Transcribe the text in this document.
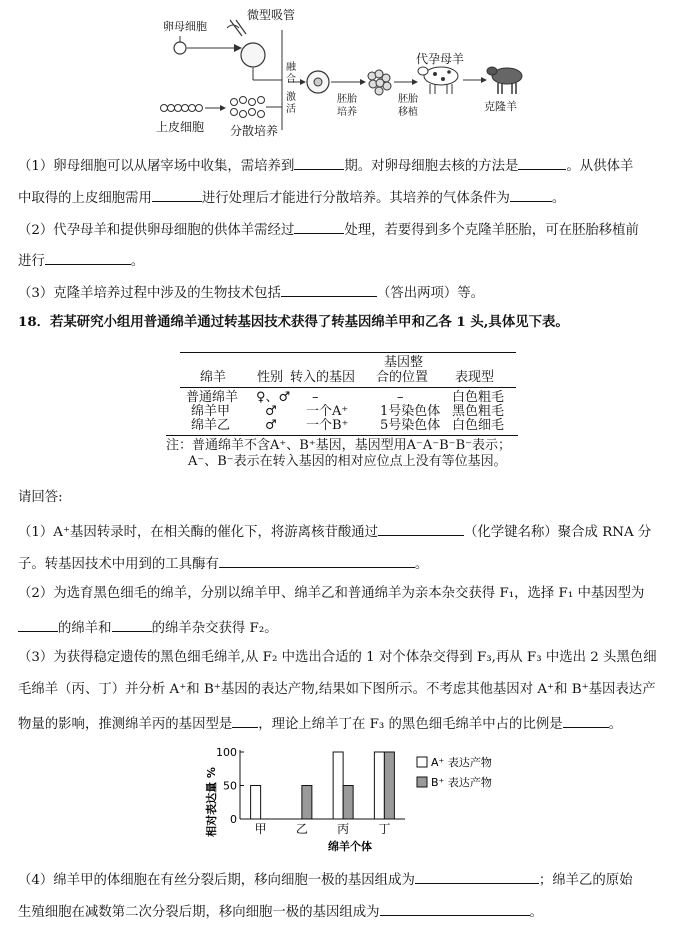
卵母细胞
微型吸管
融
合
激
活
胚胎
培养
胚胎
移植
代孕母羊
克隆羊
上皮细胞 分散培养
（1）卵母细胞可以从屠宰场中收集，需培养到	期。对卵母细胞去核的方法是	。从供体羊
中取得的上皮细胞需用	进行处理后才能进行分散培养。其培养的气体条件为	。
（2）代孕母羊和提供卵母细胞的供体羊需经过	处理，若要得到多个克隆羊胚胎，可在胚胎移植前
进行	。
（3）克隆羊培养过程中涉及的生物技术包括	（答出两项）等。
18．若某研究小组用普通绵羊通过转基因技术获得了转基因绵羊甲和乙各 1 头,具体见下表。
绵羊 性别 转入的基因
基因整
合的位置 表现型
普通绵羊 ♀、♂ –	–	白色粗毛
绵羊甲	♂ 一个A⁺ 1号染色体 黑色粗毛
绵羊乙	♂ 一个B⁺ 5号染色体 白色细毛
注：普通绵羊不含A⁺、B⁺基因，基因型用A⁻A⁻B⁻B⁻表示；
A⁻、B⁻表示在转入基因的相对应位点上没有等位基因。
请回答:
（1）A⁺基因转录时，在相关酶的催化下，将游离核苷酸通过	（化学键名称）聚合成 RNA 分
子。转基因技术中用到的工具酶有	。
（2）为选育黑色细毛的绵羊，分别以绵羊甲、绵羊乙和普通绵羊为亲本杂交获得 F₁，选择 F₁ 中基因型为
的绵羊和	的绵羊杂交获得 F₂。
（3）为获得稳定遗传的黑色细毛绵羊,从 F₂ 中选出合适的 1 对个体杂交得到 F₃,再从 F₃ 中选出 2 头黑色细
毛绵羊（丙、丁）并分析 A⁺和 B⁺基因的表达产物,结果如下图所示。不考虑其他基因对 A⁺和 B⁺基因表达产
物量的影响，推测绵羊丙的基因型是 ，理论上绵羊丁在 F₃ 的黑色细毛绵羊中占的比例是	。
相对表达量 % 0
50
100
甲 乙 丙 丁
A⁺ 表达产物
B⁺ 表达产物
绵羊个体
（4）绵羊甲的体细胞在有丝分裂后期，移向细胞一极的基因组成为	；绵羊乙的原始
生殖细胞在减数第二次分裂后期，移向细胞一极的基因组成为	。
